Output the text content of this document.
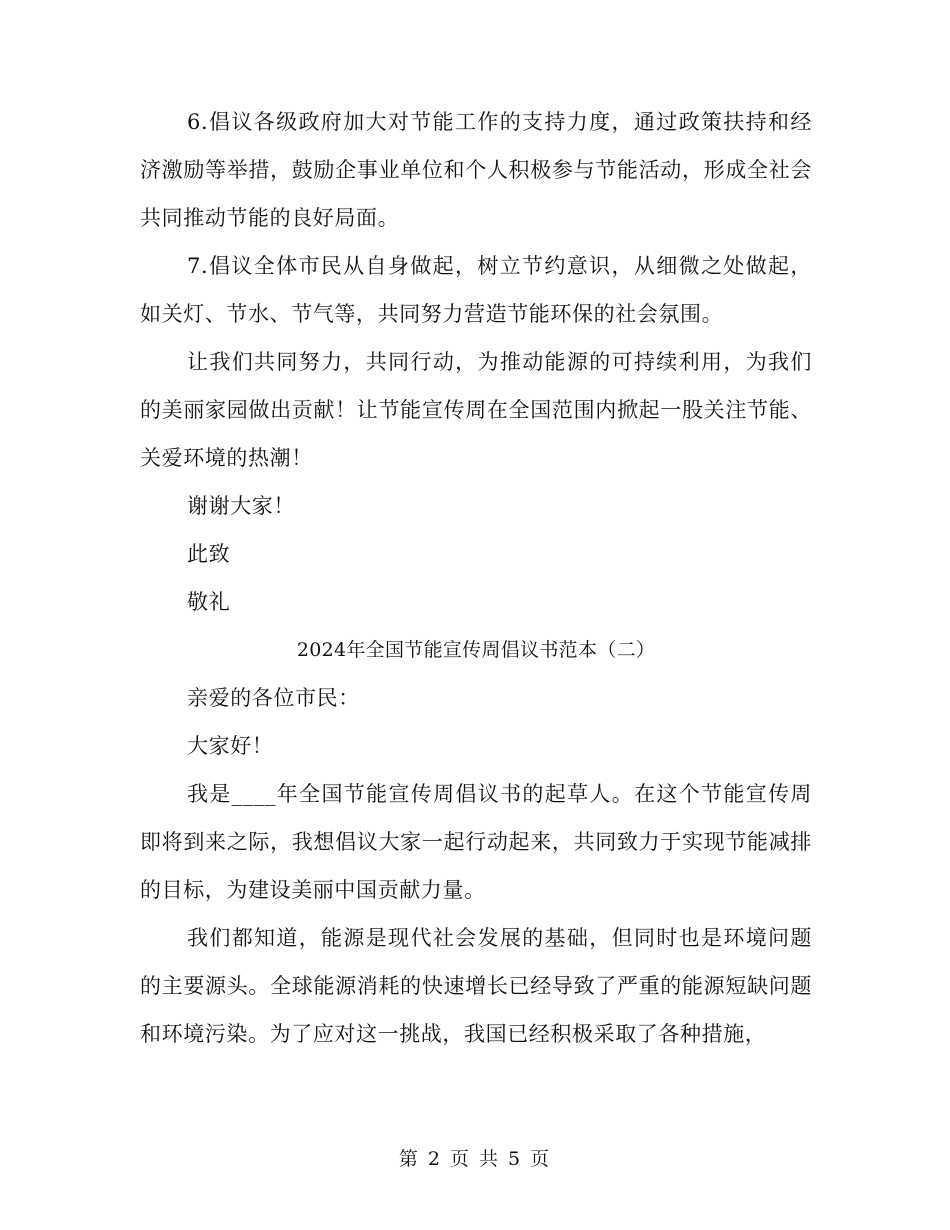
6.倡议各级政府加大对节能工作的支持力度，通过政策扶持和经济激励等举措，鼓励企事业单位和个人积极参与节能活动，形成全社会共同推动节能的良好局面。

7.倡议全体市民从自身做起，树立节约意识，从细微之处做起，如关灯、节水、节气等，共同努力营造节能环保的社会氛围。

让我们共同努力，共同行动，为推动能源的可持续利用，为我们的美丽家园做出贡献！让节能宣传周在全国范围内掀起一股关注节能、关爱环境的热潮！

谢谢大家！

此致

敬礼

2024年全国节能宣传周倡议书范本（二）

亲爱的各位市民：

大家好！

我是____年全国节能宣传周倡议书的起草人。在这个节能宣传周即将到来之际，我想倡议大家一起行动起来，共同致力于实现节能减排的目标，为建设美丽中国贡献力量。

我们都知道，能源是现代社会发展的基础，但同时也是环境问题的主要源头。全球能源消耗的快速增长已经导致了严重的能源短缺问题和环境污染。为了应对这一挑战，我国已经积极采取了各种措施，

第 2 页 共 5 页
